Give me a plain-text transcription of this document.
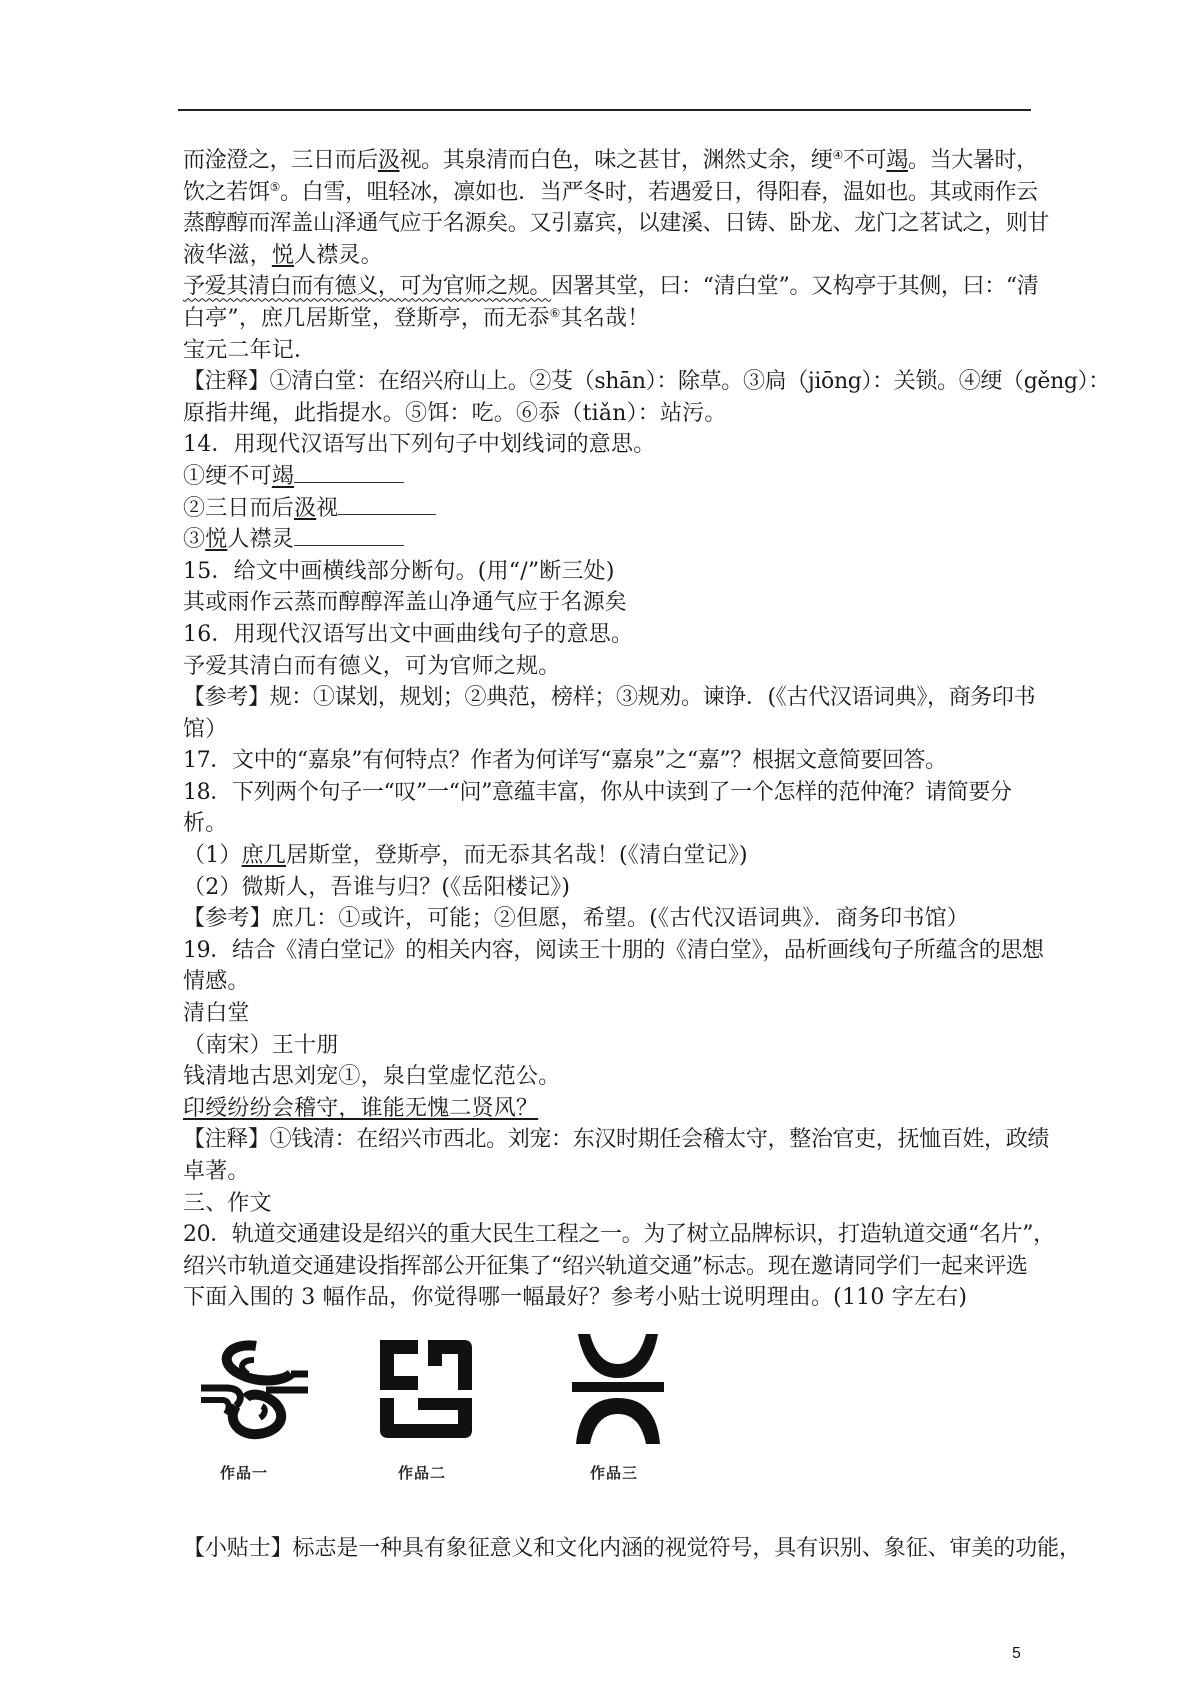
而淦澄之，三日而后汲视。其泉清而白色，味之甚甘，渊然丈余，绠④不可竭。当大暑时，
饮之若饵⑤。白雪，咀轻冰，凛如也．当严冬时，若遇爱日，得阳春，温如也。其或雨作云
蒸醇醇而浑盖山泽通气应于名源矣。又引嘉宾，以建溪、日铸、卧龙、龙门之茗试之，则甘
液华滋，悦人襟灵。
予爱其清白而有德义，可为官师之规。因署其堂，曰：“清白堂”。又构亭于其侧，曰：“清
白亭”，庶几居斯堂，登斯亭，而无忝⑥其名哉！
宝元二年记．
【注释】①清白堂：在绍兴府山上。②芟（shān）：除草。③扃（jiōng）：关锁。④绠（gěng）：
原指井绳，此指提水。⑤饵：吃。⑥忝（tiǎn）：站污。
14．用现代汉语写出下列句子中划线词的意思。
①绠不可竭
②三日而后汲视
③悦人襟灵
15．给文中画横线部分断句。(用“/”断三处)
其或雨作云蒸而醇醇浑盖山净通气应于名源矣
16．用现代汉语写出文中画曲线句子的意思。
予爱其清白而有德义，可为官师之规。
【参考】规：①谋划，规划；②典范，榜样；③规劝。谏诤．(《古代汉语词典》，商务印书
馆）
17．文中的“嘉泉”有何特点？作者为何详写“嘉泉”之“嘉”？根据文意简要回答。
18．下列两个句子一“叹”一“问”意蕴丰富，你从中读到了一个怎样的范仲淹？请简要分
析。
（1）庶几居斯堂，登斯亭，而无忝其名哉！(《清白堂记》)
（2）微斯人，吾谁与归？(《岳阳楼记》)
【参考】庶几：①或许，可能；②但愿，希望。(《古代汉语词典》．商务印书馆）
19．结合《清白堂记》的相关内容，阅读王十朋的《清白堂》，品析画线句子所蕴含的思想
情感。
清白堂
（南宋）王十朋
钱清地古思刘宠①，泉白堂虚忆范公。
印绶纷纷会稽守，谁能无愧二贤风？
【注释】①钱清：在绍兴市西北。刘宠：东汉时期任会稽太守，整治官吏，抚恤百姓，政绩
卓著。
三、作文
20．轨道交通建设是绍兴的重大民生工程之一。为了树立品牌标识，打造轨道交通“名片”，
绍兴市轨道交通建设指挥部公开征集了“绍兴轨道交通”标志。现在邀请同学们一起来评选
下面入围的 3 幅作品，你觉得哪一幅最好？参考小贴士说明理由。(110 字左右)
作品一	作品二	作品三
【小贴士】标志是一种具有象征意义和文化内涵的视觉符号，具有识别、象征、审美的功能，
5
